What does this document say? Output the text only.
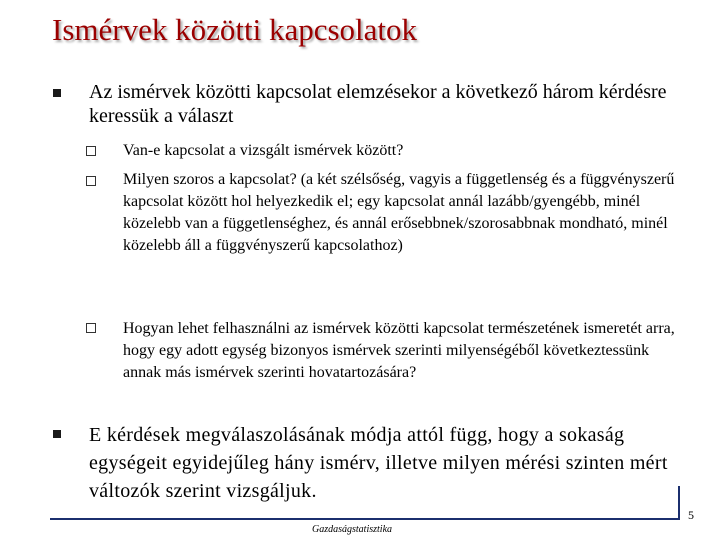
Ismérvek közötti kapcsolatok
Az ismérvek közötti kapcsolat elemzésekor a következő három kérdésre keressük a választ
Van-e kapcsolat a vizsgált ismérvek között?
Milyen szoros a kapcsolat? (a két szélsőség, vagyis a függetlenség és a függvényszerű kapcsolat között hol helyezkedik el; egy kapcsolat annál lazább/gyengébb, minél közelebb van a függetlenséghez, és annál erősebbnek/szorosabbnak mondható, minél közelebb áll a függvényszerű kapcsolathoz)
Hogyan lehet felhasználni az ismérvek közötti kapcsolat természetének ismeretét arra, hogy egy adott egység bizonyos ismérvek szerinti milyenségéből következtessünk annak más ismérvek szerinti hovatartozására?
E kérdések megválaszolásának módja attól függ, hogy a sokaság egységeit egyidejűleg hány ismérv, illetve milyen mérési szinten mért változók szerint vizsgáljuk.
5
Gazdaságstatisztika
